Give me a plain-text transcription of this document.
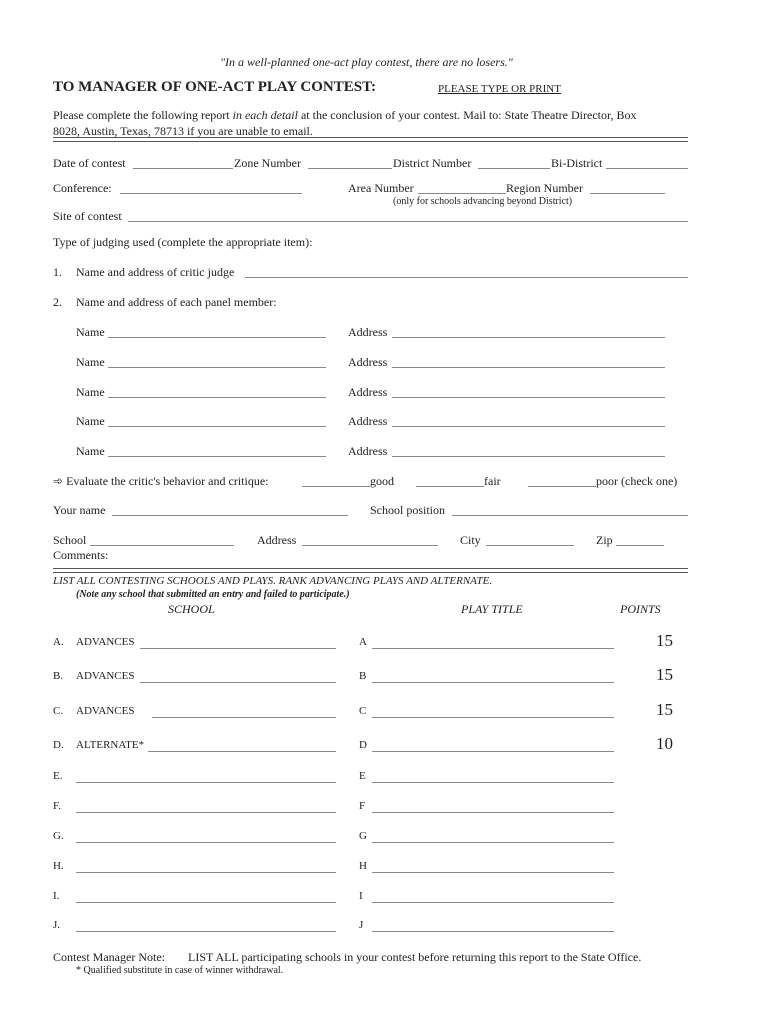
"In a well-planned one-act play contest, there are no losers."
TO MANAGER OF ONE-ACT PLAY CONTEST:	PLEASE TYPE OR PRINT
Please complete the following report in each detail at the conclusion of your contest. Mail to: State Theatre Director, Box
8028, Austin, Texas, 78713 if you are unable to email.
Date of contest	Zone Number	District Number	Bi-District
Conference:	Area Number	Region Number
(only for schools advancing beyond District)
Site of contest
Type of judging used (complete the appropriate item):
1. Name and address of critic judge
2. Name and address of each panel member:
Name	Address
Name	Address
Name	Address
Name	Address
Name	Address
➾ Evaluate the critic's behavior and critique:	good	fair	poor (check one)
Your name	School position
School	Address	City	Zip
Comments:
LIST ALL CONTESTING SCHOOLS AND PLAYS. RANK ADVANCING PLAYS AND ALTERNATE.
(Note any school that submitted an entry and failed to participate.)
SCHOOL	PLAY TITLE	POINTS
A. ADVANCES	A	15
B. ADVANCES	B	15
C. ADVANCES	C	15
D. ALTERNATE*	D	10
E.	E
F.	F
G.	G
H.	H
I.	I
J.	J
Contest Manager Note: LIST ALL participating schools in your contest before returning this report to the State Office.
* Qualified substitute in case of winner withdrawal.
